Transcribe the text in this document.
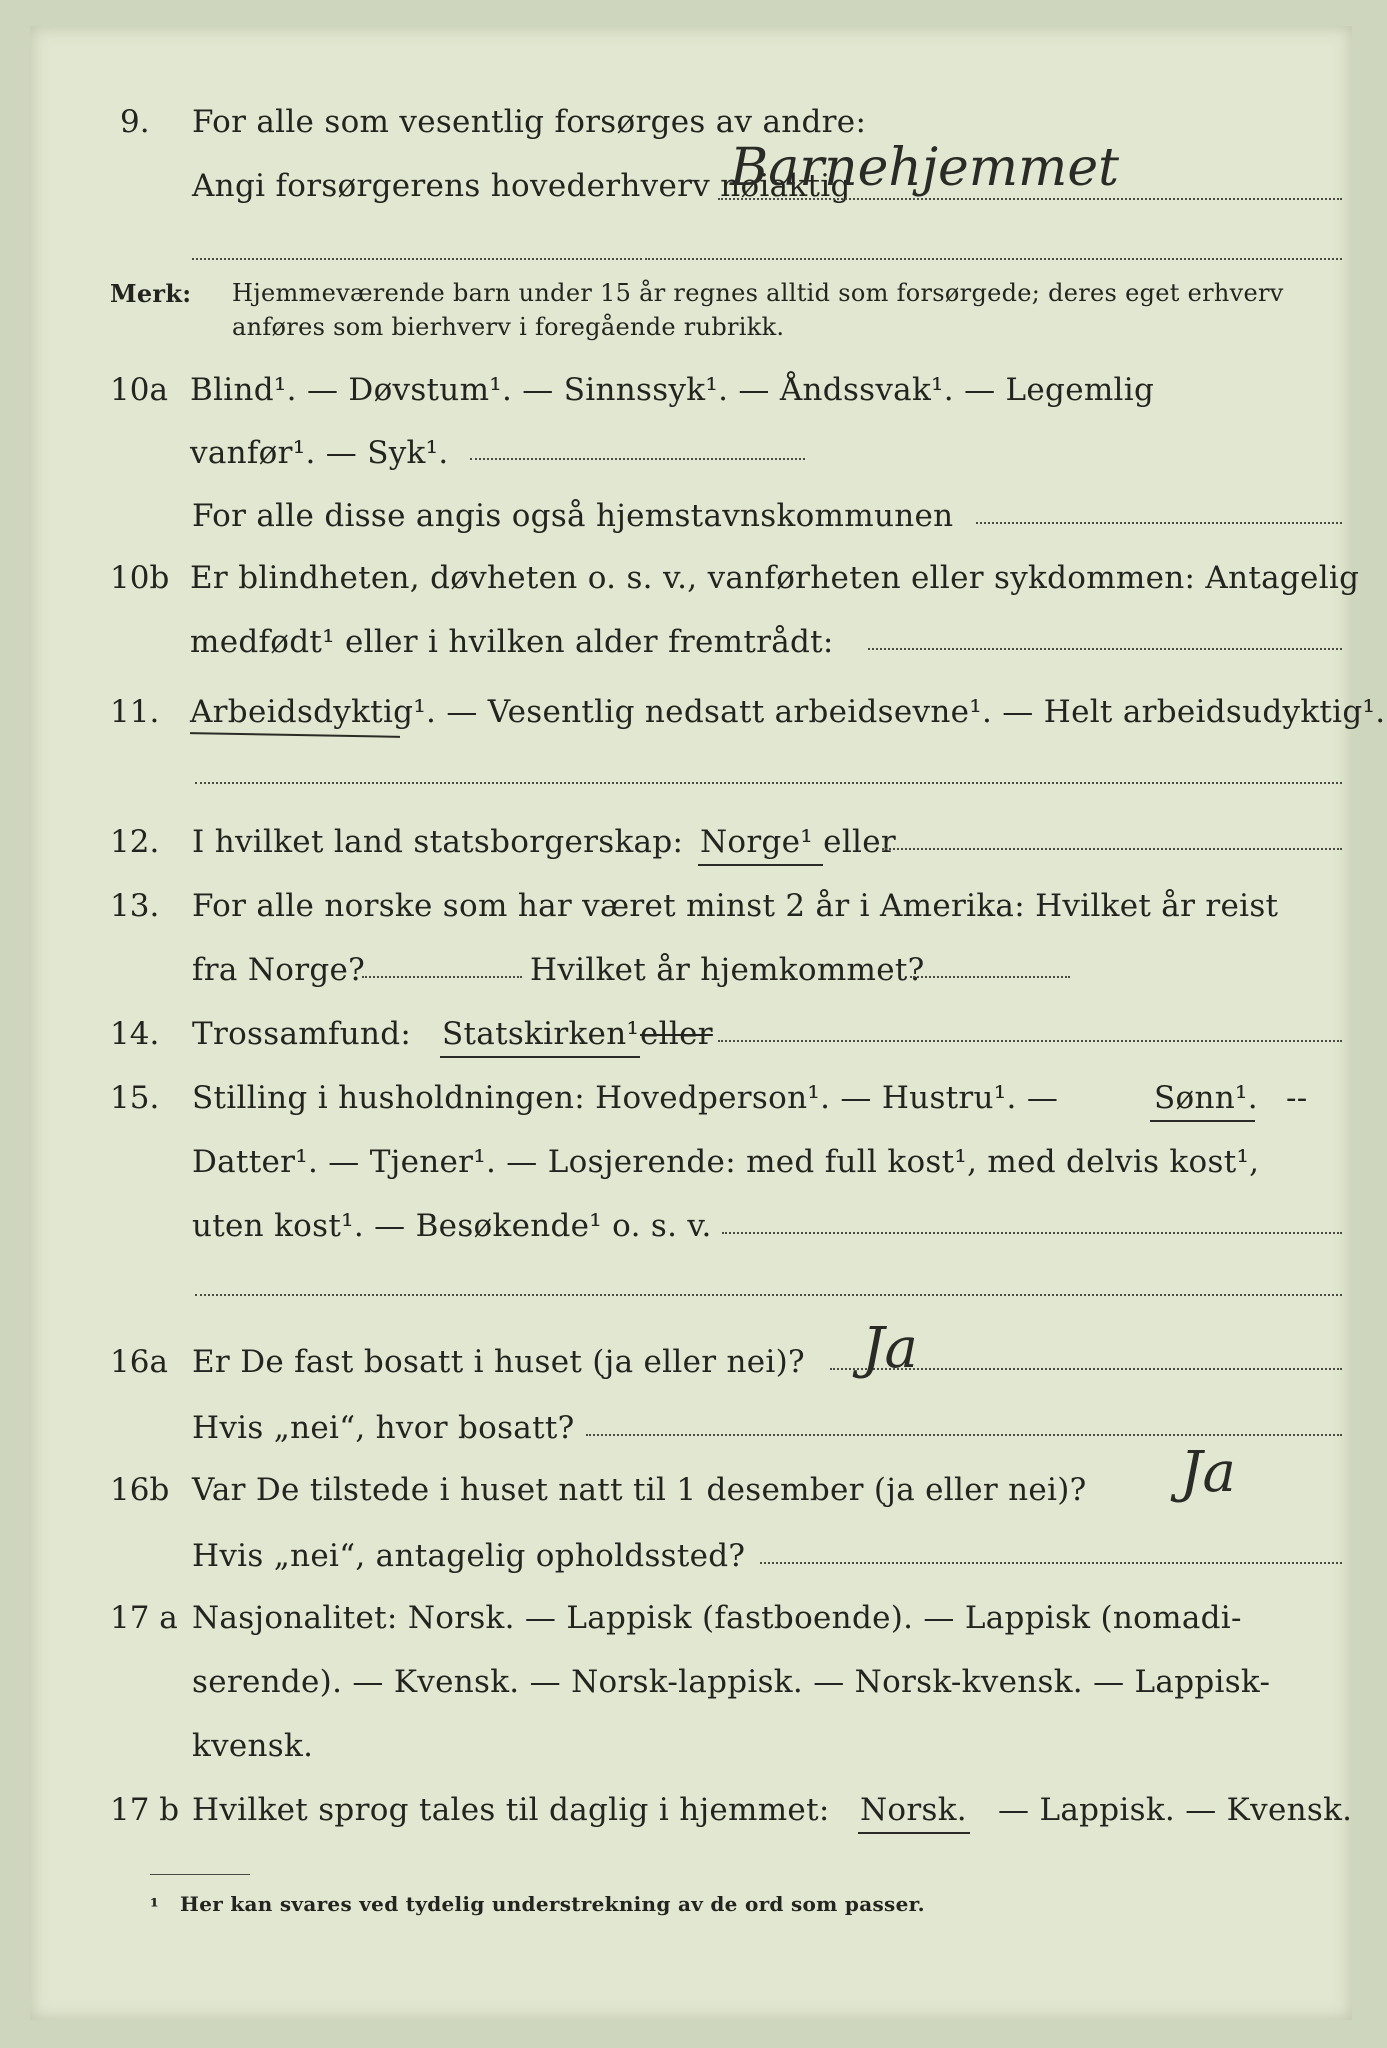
9. For alle som vesentlig forsørges av andre:
Angi forsørgerens hovederhverv nøiaktig
Barnehjemmet
Merk: Hjemmeværende barn under 15 år regnes alltid som forsørgede; deres eget erhverv
anføres som bierhverv i foregående rubrikk.
10a Blind¹. — Døvstum¹. — Sinnssyk¹. — Åndssvak¹. — Legemlig
vanfør¹. — Syk¹.
For alle disse angis også hjemstavnskommunen
10b Er blindheten, døvheten o. s. v., vanførheten eller sykdommen: Antagelig
medfødt¹ eller i hvilken alder fremtrådt:
11. Arbeidsdyktig¹. — Vesentlig nedsatt arbeidsevne¹. — Helt arbeidsudyktig¹.
12. I hvilket land statsborgerskap: Norge¹ eller
13. For alle norske som har været minst 2 år i Amerika: Hvilket år reist
fra Norge?	Hvilket år hjemkommet?
14. Trossamfund: Statskirken¹ eller
15. Stilling i husholdningen: Hovedperson¹. — Hustru¹. —	Sønn¹. --
Datter¹. — Tjener¹. — Losjerende: med full kost¹, med delvis kost¹,
uten kost¹. — Besøkende¹ o. s. v.
16a Er De fast bosatt i huset (ja eller nei)? Ja
Hvis „nei“, hvor bosatt?
16b Var De tilstede i huset natt til 1 desember (ja eller nei)? Ja
Hvis „nei“, antagelig opholdssted?
17 a Nasjonalitet: Norsk. — Lappisk (fastboende). — Lappisk (nomadi-
serende). — Kvensk. — Norsk-lappisk. — Norsk-kvensk. — Lappisk-
kvensk.
17 b Hvilket sprog tales til daglig i hjemmet: Norsk. — Lappisk. — Kvensk.
¹ Her kan svares ved tydelig understrekning av de ord som passer.
